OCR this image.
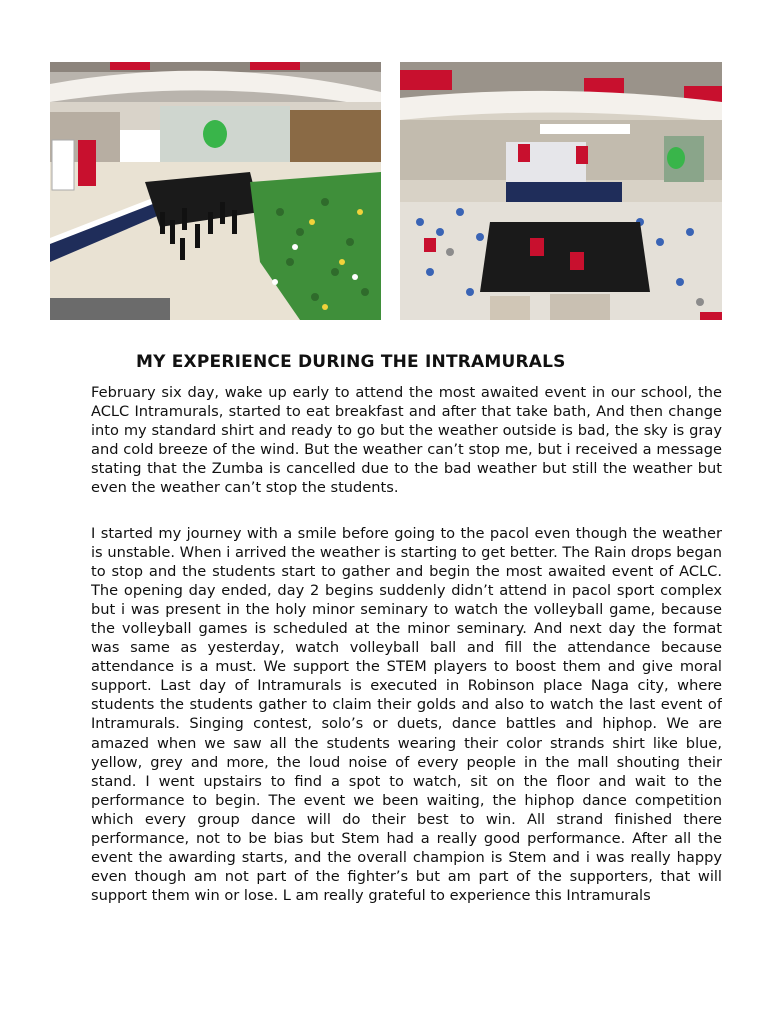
MY EXPERIENCE DURING THE INTRAMURALS

February six day, wake up early to attend the most awaited event in our school, the ACLC Intramurals, started to eat breakfast and after that take bath, And then change into my standard shirt and ready to go but the weather outside is bad, the sky is gray and cold breeze of the wind. But the weather can’t stop me, but i received a message stating that the Zumba is cancelled due to the bad weather but still the weather but even the weather can’t stop the students.

I started my journey with a smile before going to the pacol even though the weather is unstable. When i arrived the weather is starting to get better. The Rain drops began to stop and the students start to gather and begin the most awaited event of ACLC. The opening day ended, day 2 begins suddenly didn’t attend in pacol sport complex but i was present in the holy minor seminary to watch the volleyball game, because the volleyball games is scheduled at the minor seminary. And next day the format was same as yesterday, watch volleyball ball and fill the attendance because attendance is a must. We support the STEM players to boost them and give moral support. Last day of Intramurals is executed in Robinson place Naga city, where students the students gather to claim their golds and also to watch the last event of Intramurals. Singing contest, solo’s or duets, dance battles and hiphop. We are amazed when we saw all the students wearing their color strands shirt like blue, yellow, grey and more, the loud noise of every people in the mall shouting their stand. I went upstairs to find a spot to watch, sit on the floor and wait to the performance to begin. The event we been waiting, the hiphop dance competition which every group dance will do their best to win. All strand finished there performance, not to be bias but Stem had a really good performance. After all the event the awarding starts, and the overall champion is Stem and i was really happy even though am not part of the fighter’s but am part of the supporters, that will support them win or lose. L am really grateful to experience this Intramurals
